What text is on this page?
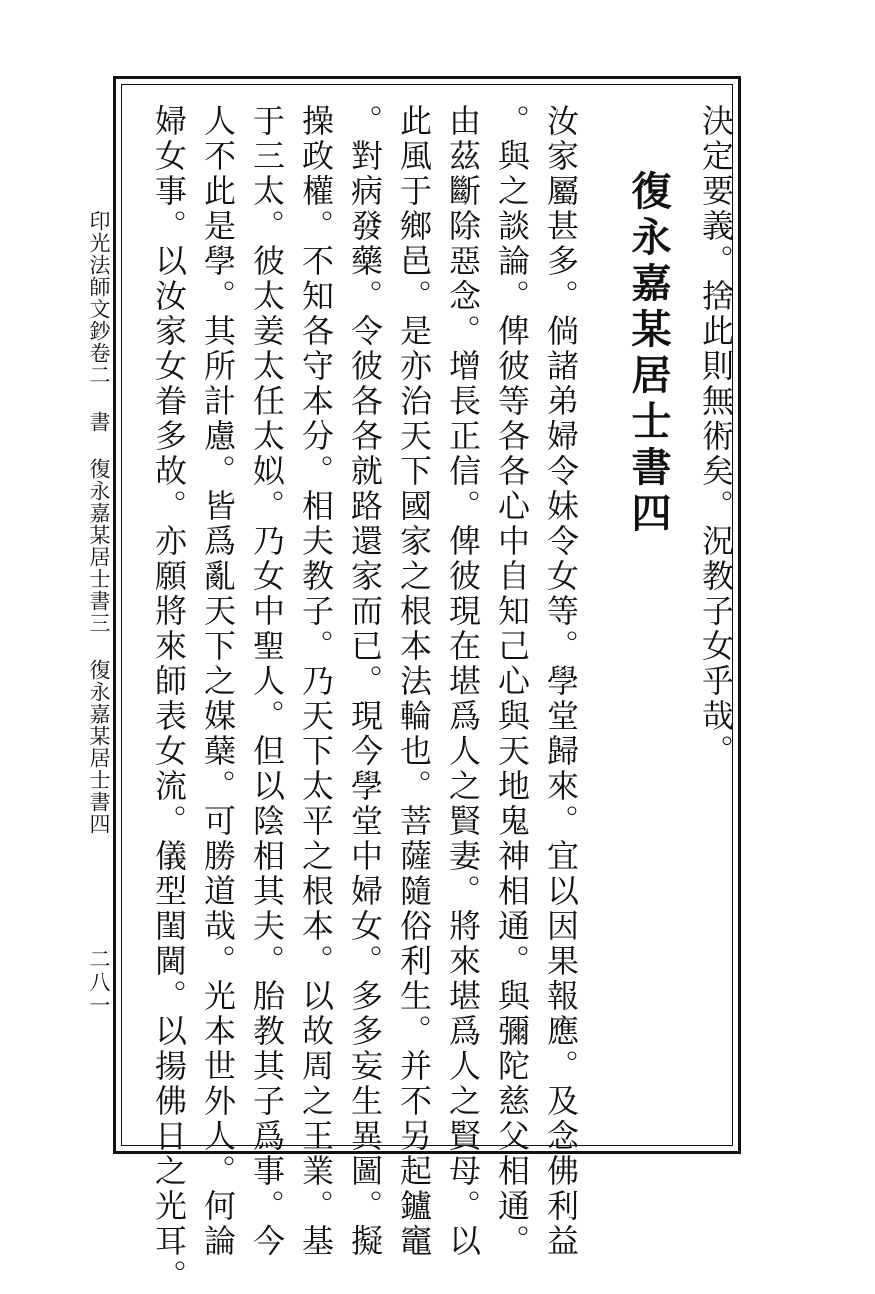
決定要義。捨此則無術矣。況教子女乎哉。
復永嘉某居士書四
汝家屬甚多。倘諸弟婦令妹令女等。學堂歸來。宜以因果報應。及念佛利益
。與之談論。俾彼等各各心中自知己心與天地鬼神相通。與彌陀慈父相通。
由茲斷除惡念。增長正信。俾彼現在堪爲人之賢妻。將來堪爲人之賢母。以
此風于鄉邑。是亦治天下國家之根本法輪也。菩薩隨俗利生。并不另起鑪竈
。對病發藥。令彼各各就路還家而已。現今學堂中婦女。多多妄生異圖。擬
操政權。不知各守本分。相夫教子。乃天下太平之根本。以故周之王業。基
于三太。彼太姜太任太姒。乃女中聖人。但以陰相其夫。胎教其子爲事。今
人不此是學。其所計慮。皆爲亂天下之媒蘖。可勝道哉。光本世外人。何論
婦女事。以汝家女眷多故。亦願將來師表女流。儀型閨閫。以揚佛日之光耳。
印光法師文鈔卷二 書 復永嘉某居士書三 復永嘉某居士書四
二八一
